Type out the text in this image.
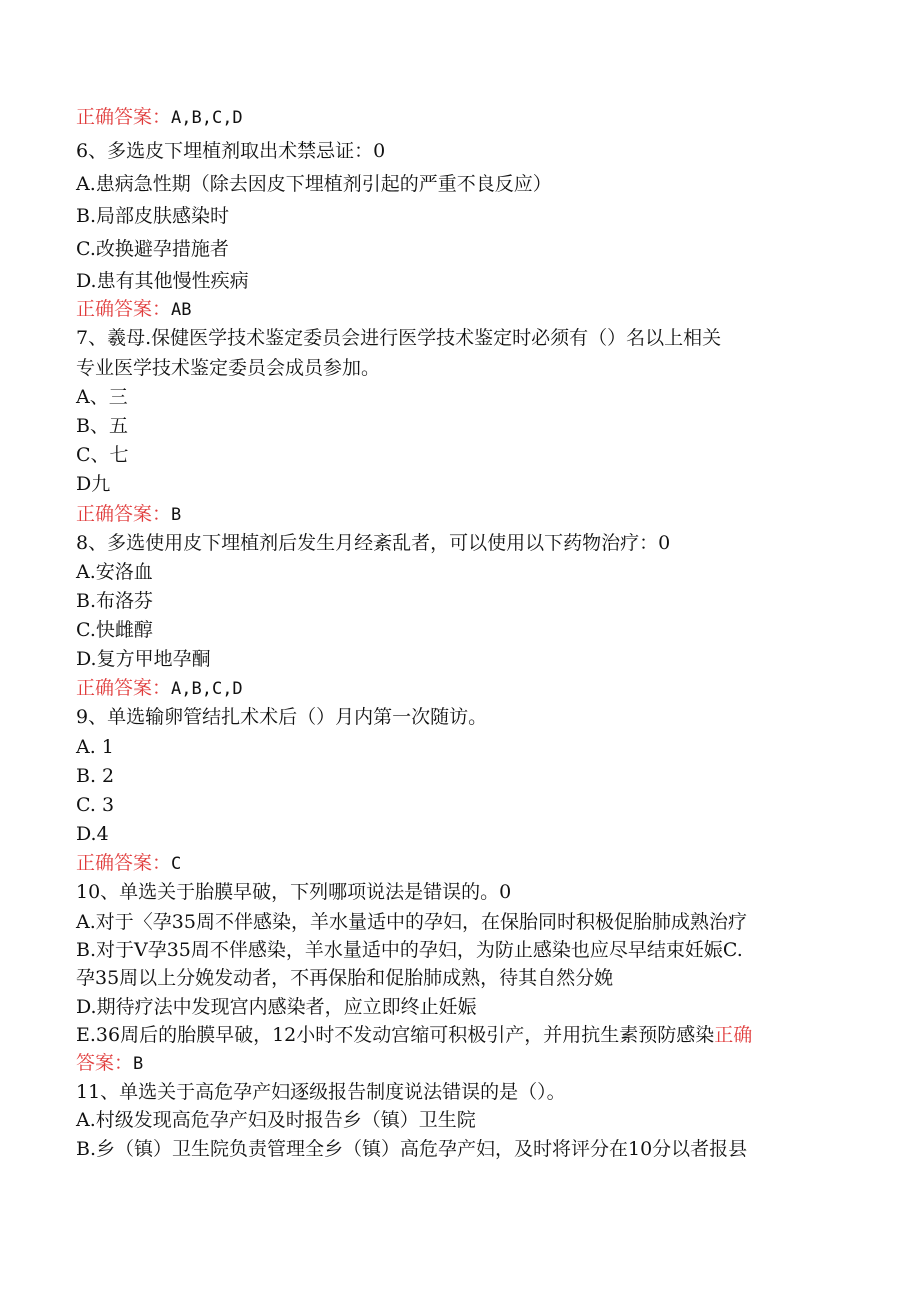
正确答案：A,B,C,D
6、多选皮下埋植剂取出术禁忌证：0
A.患病急性期（除去因皮下埋植剂引起的严重不良反应）
B.局部皮肤感染时
C.改换避孕措施者
D.患有其他慢性疾病
正确答案：AB
7、羲母.保健医学技术鉴定委员会进行医学技术鉴定时必须有（）名以上相关
专业医学技术鉴定委员会成员参加。
A、三
B、五
C、七
D九
正确答案：B
8、多选使用皮下埋植剂后发生月经紊乱者，可以使用以下药物治疗：0
A.安洛血
B.布洛芬
C.快雌醇
D.复方甲地孕酮
正确答案：A,B,C,D
9、单选输卵管结扎术术后（）月内第一次随访。
A. 1
B. 2
C. 3
D.4
正确答案：C
10、单选关于胎膜早破，下列哪项说法是错误的。0
A.对于〈孕35周不伴感染，羊水量适中的孕妇，在保胎同时积极促胎肺成熟治疗
B.对于V孕35周不伴感染，羊水量适中的孕妇，为防止感染也应尽早结束妊娠C.
孕35周以上分娩发动者，不再保胎和促胎肺成熟，待其自然分娩
D.期待疗法中发现宫内感染者，应立即终止妊娠
E.36周后的胎膜早破，12小时不发动宫缩可积极引产，并用抗生素预防感染正确
答案：B
11、单选关于高危孕产妇逐级报告制度说法错误的是（）。
A.村级发现高危孕产妇及时报告乡（镇）卫生院
B.乡（镇）卫生院负责管理全乡（镇）高危孕产妇，及时将评分在10分以者报县
